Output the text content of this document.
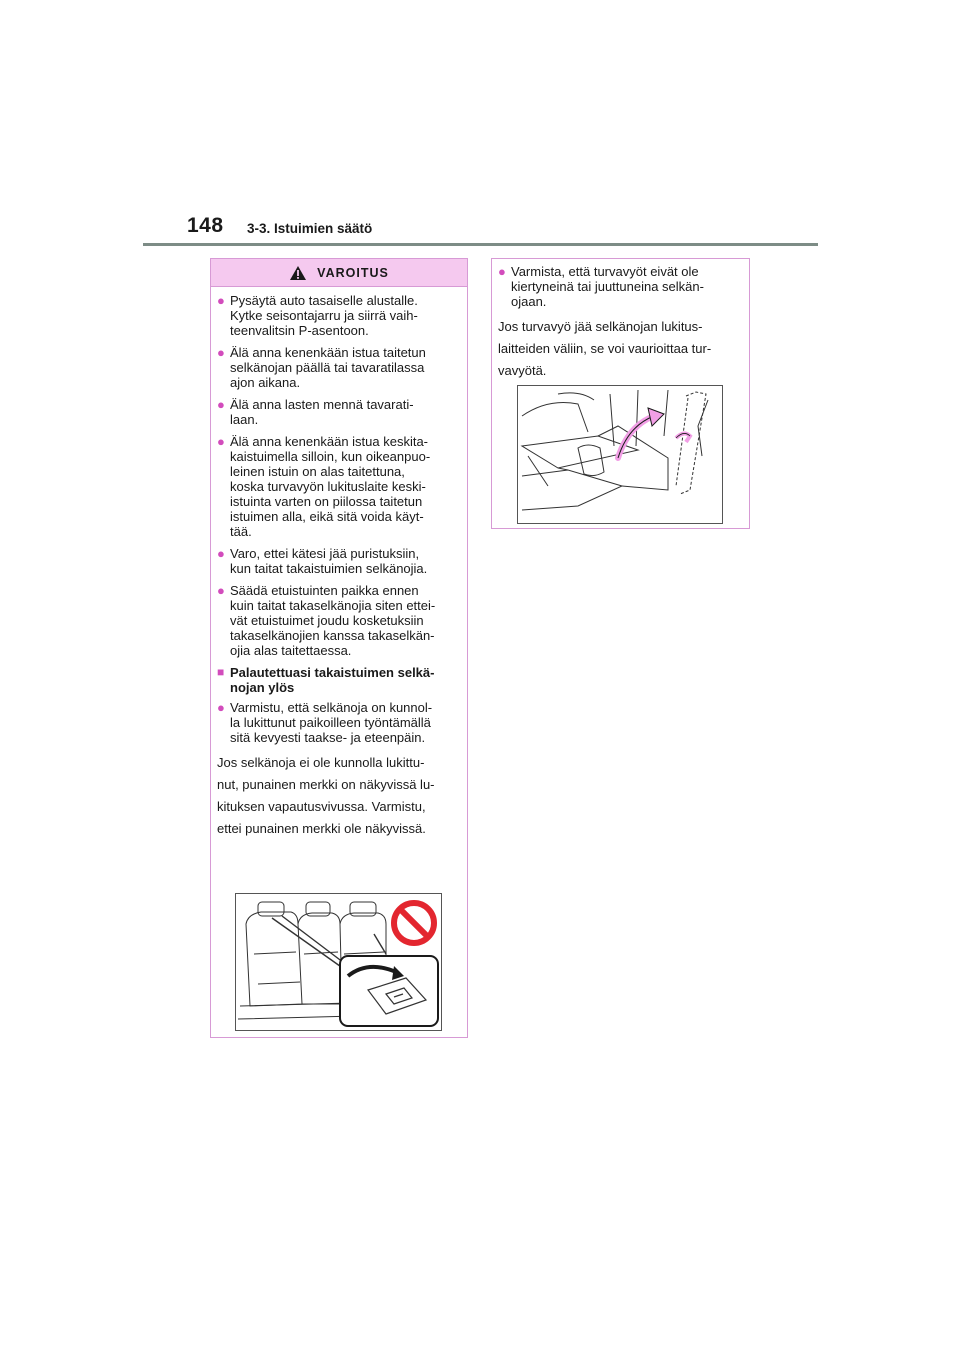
148 3-3. Istuimien säätö
VAROITUS
● Pysäytä auto tasaiselle alustalle.
Kytke seisontajarru ja siirrä vaih-
teenvalitsin P-asentoon.
● Älä anna kenenkään istua taitetun
selkänojan päällä tai tavaratilassa
ajon aikana.
● Älä anna lasten mennä tavarati-
laan.
● Älä anna kenenkään istua keskita-
kaistuimella silloin, kun oikeanpuo-
leinen istuin on alas taitettuna,
koska turvavyön lukituslaite keski-
istuinta varten on piilossa taitetun
istuimen alla, eikä sitä voida käyt-
tää.
● Varo, ettei kätesi jää puristuksiin,
kun taitat takaistuimien selkänojia.
● Säädä etuistuinten paikka ennen
kuin taitat takaselkänojia siten ettei-
vät etuistuimet joudu kosketuksiin
takaselkänojien kanssa takaselkän-
ojia alas taitettaessa.
■ Palautettuasi takaistuimen selkä-
nojan ylös
● Varmistu, että selkänoja on kunnol-
la lukittunut paikoilleen työntämällä
sitä kevyesti taakse- ja eteenpäin.

Jos selkänoja ei ole kunnolla lukittu-
nut, punainen merkki on näkyvissä lu-
kituksen vapautusvivussa. Varmistu,
ettei punainen merkki ole näkyvissä.

● Varmista, että turvavyöt eivät ole
kiertyneinä tai juuttuneina selkän-
ojaan.

Jos turvavyö jää selkänojan lukitus-
laitteiden väliin, se voi vaurioittaa tur-
vavyötä.
